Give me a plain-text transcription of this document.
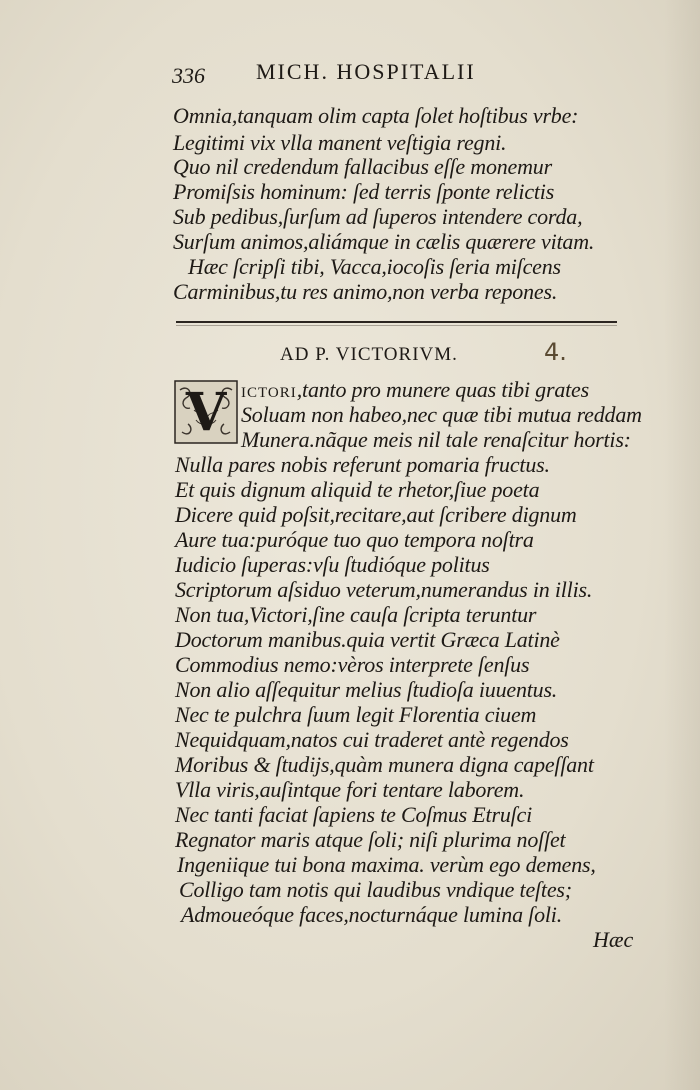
336 MICH. HOSPITALII

Omnia,tanquam olim capta ſolet hoſtibus vrbe:

Legitimi vix vlla manent veſtigia regni.

Quo nil credendum fallacibus eſſe monemur

Promiſsis hominum: ſed terris ſponte relictis

Sub pedibus,ſurſum ad ſuperos intendere corda,

Surſum animos,aliámque in cælis quærere vitam.

Hæc ſcripſi tibi, Vacca,iocoſis ſeria miſcens

Carminibus,tu res animo,non verba repones.

AD P. VICTORIVM.	4.
V ICTORI,tanto pro munere quas tibi grates

Soluam non habeo,nec quæ tibi mutua reddam

Munera.nãque meis nil tale renaſcitur hortis:

Nulla pares nobis referunt pomaria fructus.

Et quis dignum aliquid te rhetor,ſiue poeta

Dicere quid poſsit,recitare,aut ſcribere dignum

Aure tua:puróque tuo quo tempora noſtra

Iudicio ſuperas:vſu ſtudióque politus

Scriptorum aſsiduo veterum,numerandus in illis.

Non tua,Victori,ſine cauſa ſcripta teruntur

Doctorum manibus.quia vertit Græca Latinè

Commodius nemo:vèros interprete ſenſus

Non alio aſſequitur melius ſtudioſa iuuentus.

Nec te pulchra ſuum legit Florentia ciuem

Nequidquam,natos cui traderet antè regendos

Moribus & ſtudijs,quàm munera digna capeſſant

Vlla viris,auſintque fori tentare laborem.

Nec tanti faciat ſapiens te Coſmus Etruſci

Regnator maris atque ſoli; niſi plurima noſſet

Ingeniique tui bona maxima. verùm ego demens,

Colligo tam notis qui laudibus vndique teſtes;

Admoueóque faces,nocturnáque lumina ſoli.

Hæc
